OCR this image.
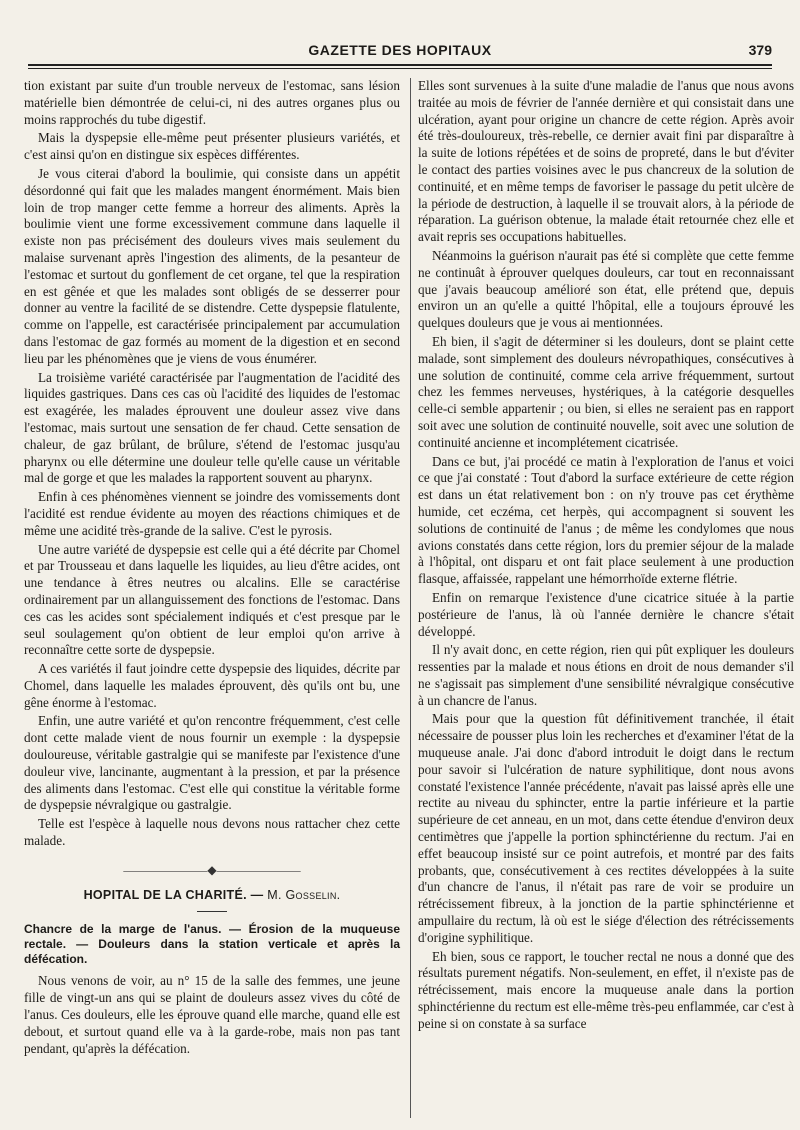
GAZETTE DES HOPITAUX	379

tion existant par suite d'un trouble nerveux de l'estomac, sans lésion matérielle bien démontrée de celui-ci, ni des autres organes plus ou moins rapprochés du tube digestif.

Mais la dyspepsie elle-même peut présenter plusieurs variétés, et c'est ainsi qu'on en distingue six espèces différentes.

Je vous citerai d'abord la boulimie, qui consiste dans un appétit désordonné qui fait que les malades mangent énormément. Mais bien loin de trop manger cette femme a horreur des aliments. Après la boulimie vient une forme excessivement commune dans laquelle il existe non pas précisément des douleurs vives mais seulement du malaise survenant après l'ingestion des aliments, de la pesanteur de l'estomac et surtout du gonflement de cet organe, tel que la respiration en est gênée et que les malades sont obligés de se desserrer pour donner au ventre la facilité de se distendre. Cette dyspepsie flatulente, comme on l'appelle, est caractérisée principalement par accumulation dans l'estomac de gaz formés au moment de la digestion et en second lieu par les phénomènes que je viens de vous énumérer.

La troisième variété caractérisée par l'augmentation de l'acidité des liquides gastriques. Dans ces cas où l'acidité des liquides de l'estomac est exagérée, les malades éprouvent une douleur assez vive dans l'estomac, mais surtout une sensation de fer chaud. Cette sensation de chaleur, de gaz brûlant, de brûlure, s'étend de l'estomac jusqu'au pharynx ou elle détermine une douleur telle qu'elle cause un véritable mal de gorge et que les malades la rapportent souvent au pharynx.

Enfin à ces phénomènes viennent se joindre des vomissements dont l'acidité est rendue évidente au moyen des réactions chimiques et de même une acidité très-grande de la salive. C'est le pyrosis.

Une autre variété de dyspepsie est celle qui a été décrite par Chomel et par Trousseau et dans laquelle les liquides, au lieu d'être acides, ont une tendance à êtres neutres ou alcalins. Elle se caractérise ordinairement par un allanguissement des fonctions de l'estomac. Dans ces cas les acides sont spécialement indiqués et c'est presque par le seul soulagement qu'on obtient de leur emploi qu'on arrive à reconnaître cette sorte de dyspepsie.

A ces variétés il faut joindre cette dyspepsie des liquides, décrite par Chomel, dans laquelle les malades éprouvent, dès qu'ils ont bu, une gêne énorme à l'estomac.

Enfin, une autre variété et qu'on rencontre fréquemment, c'est celle dont cette malade vient de nous fournir un exemple : la dyspepsie douloureuse, véritable gastralgie qui se manifeste par l'existence d'une douleur vive, lancinante, augmentant à la pression, et par la présence des aliments dans l'estomac. C'est elle qui constitue la véritable forme de dyspepsie névralgique ou gastralgie.

Telle est l'espèce à laquelle nous devons nous rattacher chez cette malade.

———————◆———————
HOPITAL DE LA CHARITÉ. — M. Gosselin.
Chancre de la marge de l'anus. — Érosion de la muqueuse rectale. — Douleurs dans la station verticale et après la défécation.

Nous venons de voir, au n° 15 de la salle des femmes, une jeune fille de vingt-un ans qui se plaint de douleurs assez vives du côté de l'anus. Ces douleurs, elle les éprouve quand elle marche, quand elle est debout, et surtout quand elle va à la garde-robe, mais non pas tant pendant, qu'après la défécation.

Elles sont survenues à la suite d'une maladie de l'anus que nous avons traitée au mois de février de l'année dernière et qui consistait dans une ulcération, ayant pour origine un chancre de cette région. Après avoir été très-douloureux, très-rebelle, ce dernier avait fini par disparaître à la suite de lotions répétées et de soins de propreté, dans le but d'éviter le contact des parties voisines avec le pus chancreux de la solution de continuité, et en même temps de favoriser le passage du petit ulcère de la période de destruction, à laquelle il se trouvait alors, à la période de réparation. La guérison obtenue, la malade était retournée chez elle et avait repris ses occupations habituelles.

Néanmoins la guérison n'aurait pas été si complète que cette femme ne continuât à éprouver quelques douleurs, car tout en reconnaissant que j'avais beaucoup amélioré son état, elle prétend que, depuis environ un an qu'elle a quitté l'hôpital, elle a toujours éprouvé les quelques douleurs que je vous ai mentionnées.

Eh bien, il s'agit de déterminer si les douleurs, dont se plaint cette malade, sont simplement des douleurs névropathiques, consécutives à une solution de continuité, comme cela arrive fréquemment, surtout chez les femmes nerveuses, hystériques, à la catégorie desquelles celle-ci semble appartenir ; ou bien, si elles ne seraient pas en rapport soit avec une solution de continuité nouvelle, soit avec une solution de continuité ancienne et incomplétement cicatrisée.

Dans ce but, j'ai procédé ce matin à l'exploration de l'anus et voici ce que j'ai constaté : Tout d'abord la surface extérieure de cette région est dans un état relativement bon : on n'y trouve pas cet érythème humide, cet eczéma, cet herpès, qui accompagnent si souvent les solutions de continuité de l'anus ; de même les condylomes que nous avions constatés dans cette région, lors du premier séjour de la malade à l'hôpital, ont disparu et ont fait place seulement à une production flasque, affaissée, rappelant une hémorrhoïde externe flétrie.

Enfin on remarque l'existence d'une cicatrice située à la partie postérieure de l'anus, là où l'année dernière le chancre s'était développé.

Il n'y avait donc, en cette région, rien qui pût expliquer les douleurs ressenties par la malade et nous étions en droit de nous demander s'il ne s'agissait pas simplement d'une sensibilité névralgique consécutive à un chancre de l'anus.

Mais pour que la question fût définitivement tranchée, il était nécessaire de pousser plus loin les recherches et d'examiner l'état de la muqueuse anale. J'ai donc d'abord introduit le doigt dans le rectum pour savoir si l'ulcération de nature syphilitique, dont nous avons constaté l'existence l'année précédente, n'avait pas laissé après elle une rectite au niveau du sphincter, entre la partie inférieure et la partie supérieure de cet anneau, en un mot, dans cette étendue d'environ deux centimètres que j'appelle la portion sphinctérienne du rectum. J'ai en effet beaucoup insisté sur ce point autrefois, et montré par des faits probants, que, consécutivement à ces rectites développées à la suite d'un chancre de l'anus, il n'était pas rare de voir se produire un rétrécissement fibreux, à la jonction de la partie sphinctérienne et ampullaire du rectum, là où est le siége d'élection des rétrécissements d'origine syphilitique.

Eh bien, sous ce rapport, le toucher rectal ne nous a donné que des résultats purement négatifs. Non-seulement, en effet, il n'existe pas de rétrécissement, mais encore la muqueuse anale dans la portion sphinctérienne du rectum est elle-même très-peu enflammée, car c'est à peine si on constate à sa surface
